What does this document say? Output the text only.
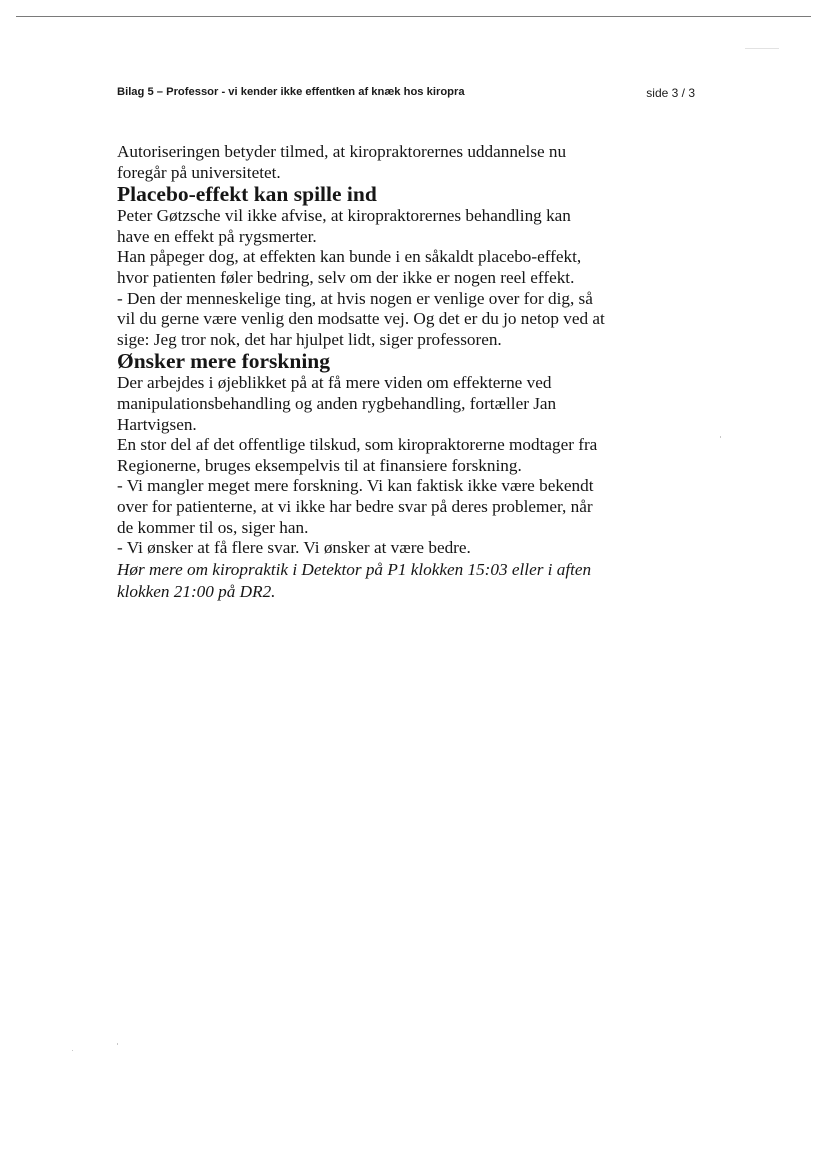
Bilag 5 – Professor - vi kender ikke effentken af knæk hos kiropra	side 3 / 3

Autoriseringen betyder tilmed, at kiropraktorernes uddannelse nu

foregår på universitetet.

Placebo-effekt kan spille ind

Peter Gøtzsche vil ikke afvise, at kiropraktorernes behandling kan

have en effekt på rygsmerter.

Han påpeger dog, at effekten kan bunde i en såkaldt placebo-effekt,

hvor patienten føler bedring, selv om der ikke er nogen reel effekt.

- Den der menneskelige ting, at hvis nogen er venlige over for dig, så

vil du gerne være venlig den modsatte vej. Og det er du jo netop ved at

sige: Jeg tror nok, det har hjulpet lidt, siger professoren.

Ønsker mere forskning

Der arbejdes i øjeblikket på at få mere viden om effekterne ved

manipulationsbehandling og anden rygbehandling, fortæller Jan

Hartvigsen.

En stor del af det offentlige tilskud, som kiropraktorerne modtager fra

Regionerne, bruges eksempelvis til at finansiere forskning.

- Vi mangler meget mere forskning. Vi kan faktisk ikke være bekendt

over for patienterne, at vi ikke har bedre svar på deres problemer, når

de kommer til os, siger han.

- Vi ønsker at få flere svar. Vi ønsker at være bedre.

Hør mere om kiropraktik i Detektor på P1 klokken 15:03 eller i aften

klokken 21:00 på DR2.
